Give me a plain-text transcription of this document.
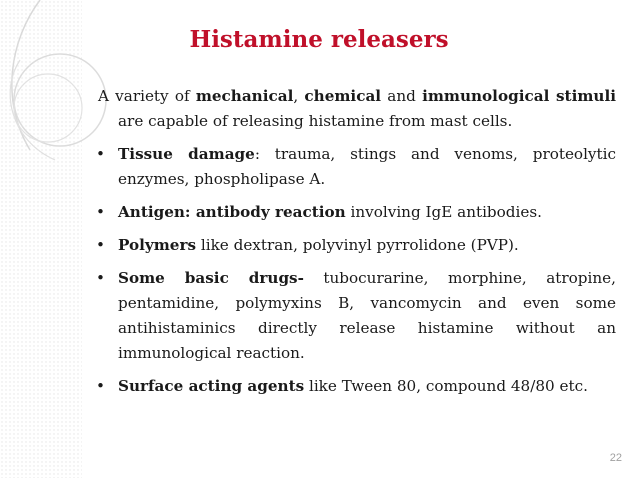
Histamine releasers

A variety of mechanical, chemical and immunological stimuli are capable of releasing histamine from mast cells.

• Tissue damage: trauma, stings and venoms, proteolytic enzymes, phospholipase A.
• Antigen: antibody reaction involving IgE antibodies.
• Polymers like dextran, polyvinyl pyrrolidone (PVP).
• Some basic drugs- tubocurarine, morphine, atropine,
pentamidine, polymyxins B, vancomycin and even some
antihistaminics directly release histamine without an
immunological reaction.
• Surface acting agents like Tween 80, compound 48/80 etc.
22
